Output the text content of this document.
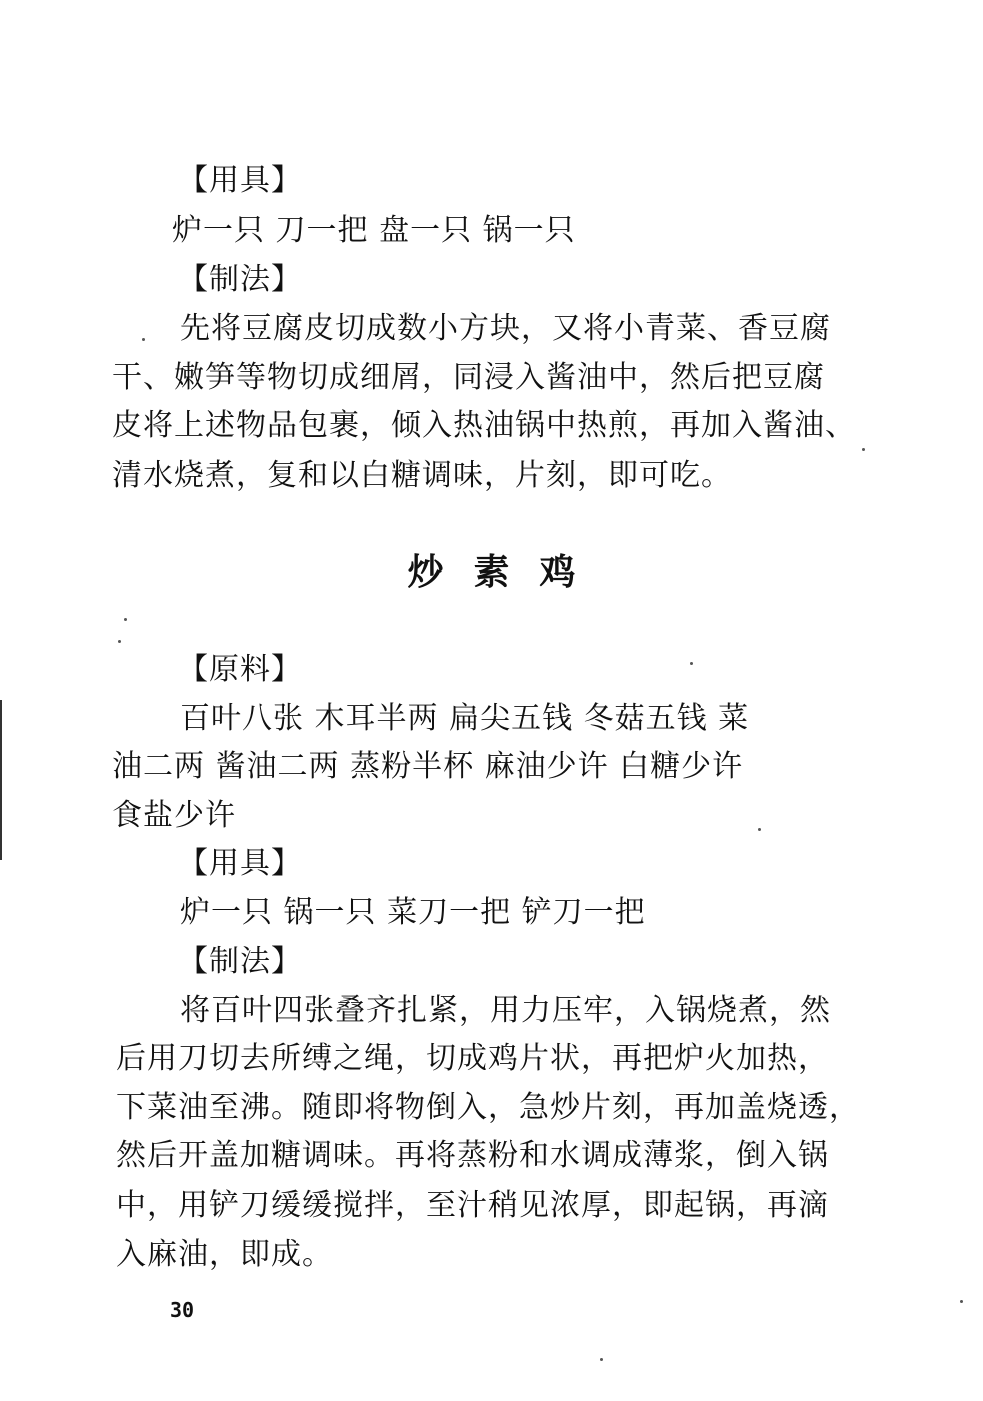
【用具】
炉一只 刀一把 盘一只 锅一只
【制法】
先将豆腐皮切成数小方块，又将小青菜、香豆腐
干、嫩笋等物切成细屑，同浸入酱油中，然后把豆腐
皮将上述物品包裹，倾入热油锅中热煎，再加入酱油、
清水烧煮，复和以白糖调味，片刻，即可吃。
炒素鸡
【原料】
百叶八张 木耳半两 扁尖五钱 冬菇五钱 菜
油二两 酱油二两 蒸粉半杯 麻油少许 白糖少许
食盐少许
【用具】
炉一只 锅一只 菜刀一把 铲刀一把
【制法】
将百叶四张叠齐扎紧，用力压牢，入锅烧煮，然
后用刀切去所缚之绳，切成鸡片状，再把炉火加热，
下菜油至沸。随即将物倒入，急炒片刻，再加盖烧透，
然后开盖加糖调味。再将蒸粉和水调成薄浆，倒入锅
中，用铲刀缓缓搅拌，至汁稍见浓厚，即起锅，再滴
入麻油，即成。
30
